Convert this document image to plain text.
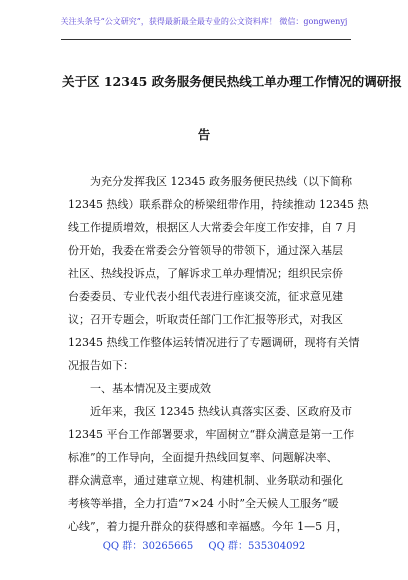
关注头条号“公文研究”，获得最新最全最专业的公文资料库！ 微信：gongwenyj
关于区 12345 政务服务便民热线工单办理工作情况的调研报
告
　　为充分发挥我区 12345 政务服务便民热线（以下简称
12345 热线）联系群众的桥梁纽带作用，持续推动 12345 热
线工作提质增效，根据区人大常委会年度工作安排，自 7 月
份开始，我委在常委会分管领导的带领下，通过深入基层
社区、热线投诉点，了解诉求工单办理情况；组织民宗侨
台委委员、专业代表小组代表进行座谈交流，征求意见建
议；召开专题会，听取责任部门工作汇报等形式，对我区
12345 热线工作整体运转情况进行了专题调研，现将有关情
况报告如下：
　　一、基本情况及主要成效
　　近年来，我区 12345 热线认真落实区委、区政府及市
12345 平台工作部署要求，牢固树立“群众满意是第一工作
标准”的工作导向，全面提升热线回复率、问题解决率、
群众满意率，通过建章立规、构建机制、业务联动和强化
考核等举措，全力打造“7×24 小时”全天候人工服务“暖
心线”，着力提升群众的获得感和幸福感。今年 1—5 月，
QQ 群：30265665 QQ 群：535304092
